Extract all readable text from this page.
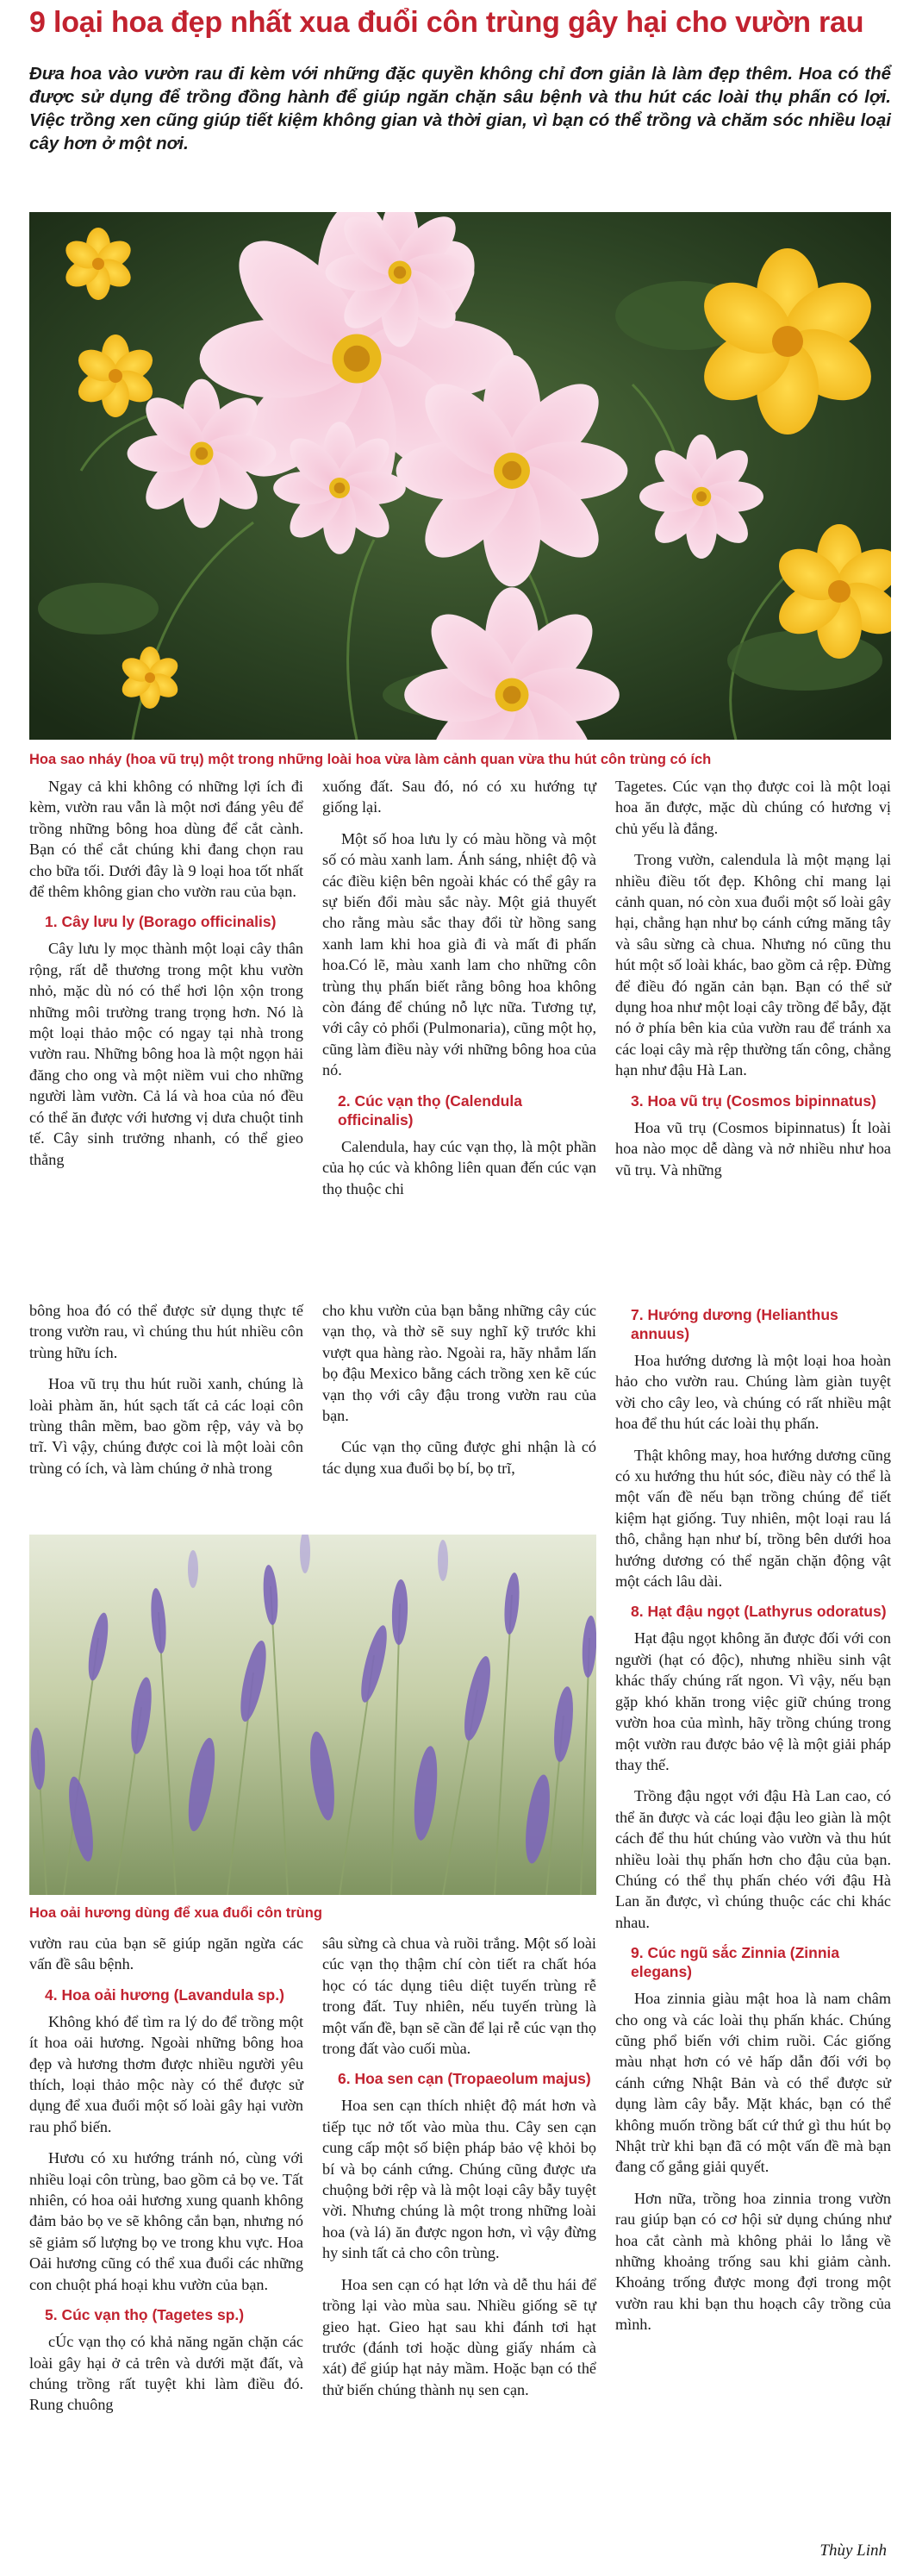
9 loại hoa đẹp nhất xua đuổi côn trùng gây hại cho vườn rau
Đưa hoa vào vườn rau đi kèm với những đặc quyền không chỉ đơn giản là làm đẹp thêm. Hoa có thể được sử dụng để trồng đồng hành để giúp ngăn chặn sâu bệnh và thu hút các loài thụ phấn có lợi. Việc trồng xen cũng giúp tiết kiệm không gian và thời gian, vì bạn có thể trồng và chăm sóc nhiều loại cây hơn ở một nơi.
Hoa sao nháy (hoa vũ trụ) một trong những loài hoa vừa làm cảnh quan vừa thu hút côn trùng có ích

Ngay cả khi không có những lợi ích đi kèm, vườn rau vẫn là một nơi đáng yêu để trồng những bông hoa dùng để cắt cành. Bạn có thể cắt chúng khi đang chọn rau cho bữa tối. Dưới đây là 9 loại hoa tốt nhất để thêm không gian cho vườn rau của bạn.

1. Cây lưu ly (Borago officinalis)

Cây lưu ly mọc thành một loại cây thân rộng, rất dễ thương trong một khu vườn nhỏ, mặc dù nó có thể hơi lộn xộn trong những môi trường trang trọng hơn. Nó là một loại thảo mộc có ngay tại nhà trong vườn rau. Những bông hoa là một ngọn hải đăng cho ong và một niềm vui cho những người làm vườn. Cả lá và hoa của nó đều có thể ăn được với hương vị dưa chuột tinh tế. Cây sinh trưởng nhanh, có thể gieo thẳng

xuống đất. Sau đó, nó có xu hướng tự giống lại.

Một số hoa lưu ly có màu hồng và một số có màu xanh lam. Ánh sáng, nhiệt độ và các điều kiện bên ngoài khác có thể gây ra sự biến đổi màu sắc này. Một giả thuyết cho rằng màu sắc thay đổi từ hồng sang xanh lam khi hoa già đi và mất đi phấn hoa.Có lẽ, màu xanh lam cho những côn trùng thụ phấn biết rằng bông hoa không còn đáng để chúng nỗ lực nữa. Tương tự, với cây cỏ phổi (Pulmonaria), cũng một họ, cũng làm điều này với những bông hoa của nó.

2. Cúc vạn thọ (Calendula officinalis)

Calendula, hay cúc vạn thọ, là một phần của họ cúc và không liên quan đến cúc vạn thọ thuộc chi

Tagetes. Cúc vạn thọ được coi là một loại hoa ăn được, mặc dù chúng có hương vị chủ yếu là đắng.

Trong vườn, calendula là một mạng lại nhiều điều tốt đẹp. Không chỉ mang lại cảnh quan, nó còn xua đuổi một số loài gây hại, chẳng hạn như bọ cánh cứng măng tây và sâu sừng cà chua. Nhưng nó cũng thu hút một số loài khác, bao gồm cả rệp. Đừng để điều đó ngăn cản bạn. Bạn có thể sử dụng hoa như một loại cây trồng để bẫy, đặt nó ở phía bên kia của vườn rau để tránh xa các loại cây mà rệp thường tấn công, chẳng hạn như đậu Hà Lan.

3. Hoa vũ trụ (Cosmos bipinnatus)

Hoa vũ trụ (Cosmos bipinnatus) Ít loài hoa nào mọc dễ dàng và nở nhiều như hoa vũ trụ. Và những

bông hoa đó có thể được sử dụng thực tế trong vườn rau, vì chúng thu hút nhiều côn trùng hữu ích.

Hoa vũ trụ thu hút ruồi xanh, chúng là loài phàm ăn, hút sạch tất cả các loại côn trùng thân mềm, bao gồm rệp, vảy và bọ trĩ. Vì vậy, chúng được coi là một loài côn trùng có ích, và làm chúng ở nhà trong

cho khu vườn của bạn bằng những cây cúc vạn thọ, và thờ sẽ suy nghĩ kỹ trước khi vượt qua hàng rào. Ngoài ra, hãy nhắm lấn bọ đậu Mexico bằng cách trồng xen kẽ cúc vạn thọ với cây đậu trong vườn rau của bạn.

Cúc vạn thọ cũng được ghi nhận là có tác dụng xua đuổi bọ bí, bọ trĩ,

Hoa oải hương dùng để xua đuổi côn trùng
7. Hướng dương (Helianthus annuus)

Hoa hướng dương là một loại hoa hoàn hảo cho vườn rau. Chúng làm giàn tuyệt vời cho cây leo, và chúng có rất nhiều mật hoa để thu hút các loài thụ phấn.

Thật không may, hoa hướng dương cũng có xu hướng thu hút sóc, điều này có thể là một vấn đề nếu bạn trồng chúng để tiết kiệm hạt giống. Tuy nhiên, một loại rau lá thô, chẳng hạn như bí, trồng bên dưới hoa hướng dương có thể ngăn chặn động vật một cách lâu dài.

8. Hạt đậu ngọt (Lathyrus odoratus)

Hạt đậu ngọt không ăn được đối với con người (hạt có độc), nhưng nhiều sinh vật khác thấy chúng rất ngon. Vì vậy, nếu bạn gặp khó khăn trong việc giữ chúng trong vườn hoa của mình, hãy trồng chúng trong một vườn rau được bảo vệ là một giải pháp thay thế.

Trồng đậu ngọt với đậu Hà Lan cao, có thể ăn được và các loại đậu leo giàn là một cách để thu hút chúng vào vườn và thu hút nhiều loài thụ phấn hơn cho đậu của bạn. Chúng có thể thụ phấn chéo với đậu Hà Lan ăn được, vì chúng thuộc các chi khác nhau.

9. Cúc ngũ sắc Zinnia (Zinnia elegans)

Hoa zinnia giàu mật hoa là nam châm cho ong và các loài thụ phấn khác. Chúng cũng phổ biến với chim ruồi. Các giống màu nhạt hơn có vẻ hấp dẫn đối với bọ cánh cứng Nhật Bản và có thể được sử dụng làm cây bẫy. Mặt khác, bạn có thể không muốn trồng bất cứ thứ gì thu hút bọ Nhật trừ khi bạn đã có một vấn đề mà bạn đang cố gắng giải quyết.

Hơn nữa, trồng hoa zinnia trong vườn rau giúp bạn có cơ hội sử dụng chúng như hoa cắt cành mà không phải lo lắng về những khoảng trống sau khi giảm cành. Khoảng trống được mong đợi trong một vườn rau khi bạn thu hoạch cây trồng của mình.

vườn rau của bạn sẽ giúp ngăn ngừa các vấn đề sâu bệnh.

4. Hoa oải hương (Lavandula sp.)

Không khó để tìm ra lý do để trồng một ít hoa oải hương. Ngoài những bông hoa đẹp và hương thơm được nhiều người yêu thích, loại thảo mộc này có thể được sử dụng để xua đuổi một số loài gây hại vườn rau phổ biến.

Hươu có xu hướng tránh nó, cùng với nhiều loại côn trùng, bao gồm cả bọ ve. Tất nhiên, có hoa oải hương xung quanh không đảm bảo bọ ve sẽ không cắn bạn, nhưng nó sẽ giảm số lượng bọ ve trong khu vực. Hoa Oải hương cũng có thể xua đuổi các những con chuột phá hoại khu vườn của bạn.

5. Cúc vạn thọ (Tagetes sp.)

cÚc vạn thọ có khả năng ngăn chặn các loài gây hại ở cả trên và dưới mặt đất, và chúng trồng rất tuyệt khi làm điều đó. Rung chuông

sâu sừng cà chua và ruồi trắng. Một số loài cúc vạn thọ thậm chí còn tiết ra chất hóa học có tác dụng tiêu diệt tuyến trùng rễ trong đất. Tuy nhiên, nếu tuyến trùng là một vấn đề, bạn sẽ cần để lại rễ cúc vạn thọ trong đất vào cuối mùa.

6. Hoa sen cạn (Tropaeolum majus)

Hoa sen cạn thích nhiệt độ mát hơn và tiếp tục nở tốt vào mùa thu. Cây sen cạn cung cấp một số biện pháp bảo vệ khỏi bọ bí và bọ cánh cứng. Chúng cũng được ưa chuộng bởi rệp và là một loại cây bẫy tuyệt vời. Nhưng chúng là một trong những loài hoa (và lá) ăn được ngon hơn, vì vậy đừng hy sinh tất cả cho côn trùng.

Hoa sen cạn có hạt lớn và dễ thu hái để trồng lại vào mùa sau. Nhiều giống sẽ tự gieo hạt. Gieo hạt sau khi đánh tơi hạt trước (đánh tơi hoặc dùng giấy nhám cà xát) để giúp hạt nảy mầm. Hoặc bạn có thể thử biến chúng thành nụ sen cạn.

Thùy Linh
